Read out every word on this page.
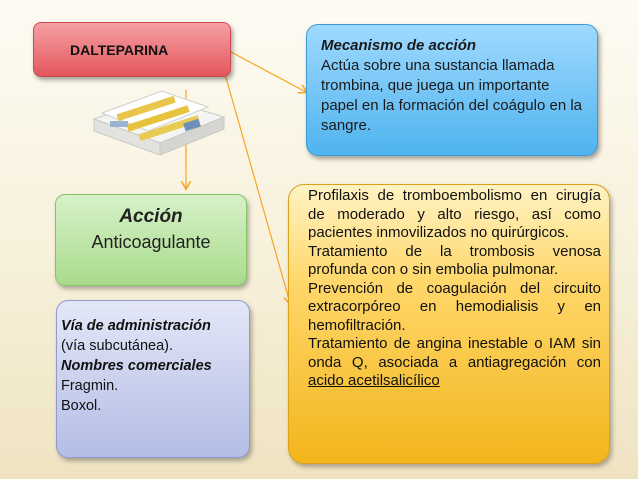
DALTEPARINA	Mecanismo de acción
Actúa sobre una sustancia llamada trombina, que juega un importante papel en la formación del coágulo en la sangre.
Acción
Anticoagulante
Vía de administración
(vía subcutánea).
Nombres comerciales
Fragmin.
Boxol.

Profilaxis de tromboembolismo en cirugía de moderado y alto riesgo, así como pacientes inmovilizados no quirúrgicos.

Tratamiento de la trombosis venosa profunda con o sin embolia pulmonar.

Prevención de coagulación del circuito extracorpóreo en hemodialisis y en hemofiltración.

Tratamiento de angina inestable o IAM sin onda Q, asociada a antiagregación con acido acetilsalicílico
